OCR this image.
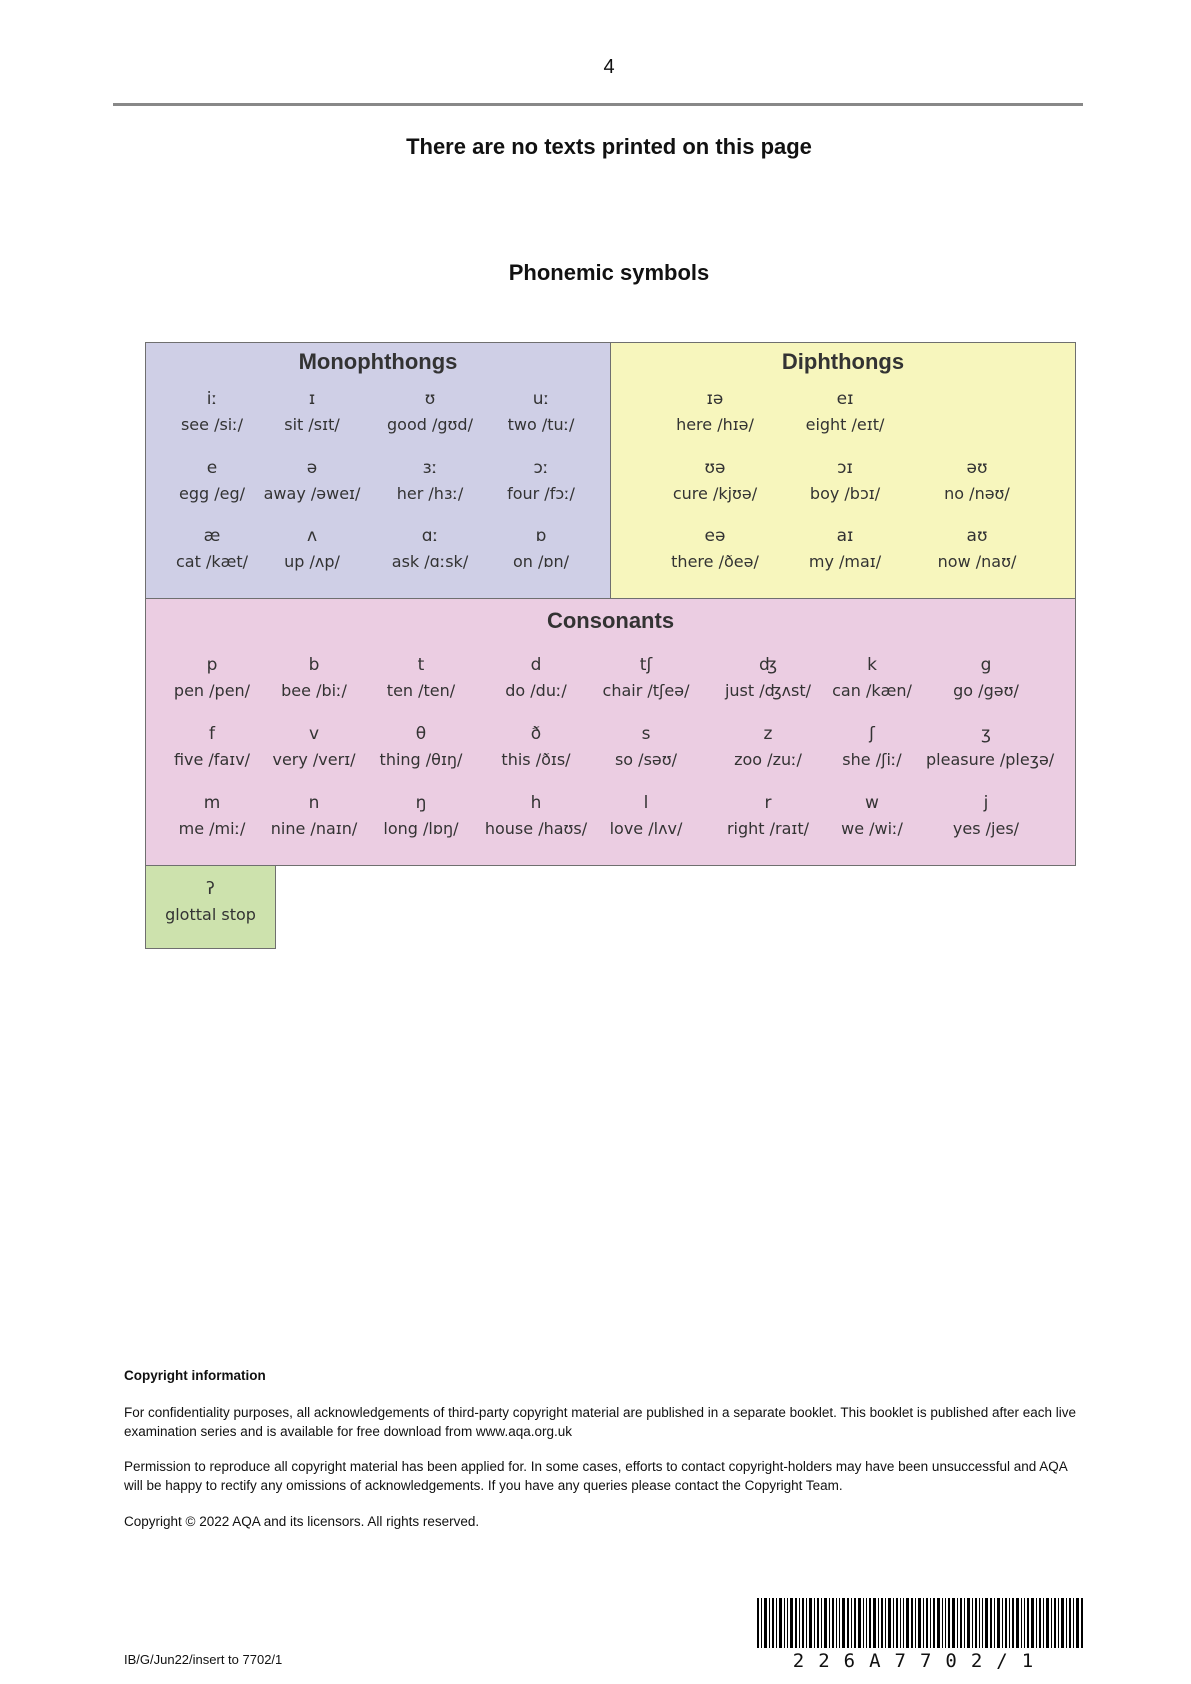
4
There are no texts printed on this page
Phonemic symbols
Monophthongs
iː
see /siː/
ɪ
sit /sɪt/
ʊ
good /gʊd/
uː
two /tuː/
e
egg /eg/
ə
away /əweɪ/
ɜː
her /hɜː/
ɔː
four /fɔː/
æ
cat /kæt/
ʌ
up /ʌp/
ɑː
ask /ɑːsk/
ɒ
on /ɒn/
Diphthongs
ɪə
here /hɪə/
eɪ
eight /eɪt/
ʊə
cure /kjʊə/
ɔɪ
boy /bɔɪ/
əʊ
no /nəʊ/
eə
there /ðeə/
aɪ
my /maɪ/
aʊ
now /naʊ/
Consonants
p
pen /pen/
b
bee /biː/
t
ten /ten/
d
do /duː/
tʃ
chair /tʃeə/
ʤ
just /ʤʌst/
k
can /kæn/
g
go /gəʊ/
f
five /faɪv/
v
very /verɪ/
θ
thing /θɪŋ/
ð
this /ðɪs/
s
so /səʊ/
z
zoo /zuː/
ʃ
she /ʃiː/
ʒ
pleasure /pleʒə/
m
me /miː/
n
nine /naɪn/
ŋ
long /lɒŋ/
h
house /haʊs/
l
love /lʌv/
r
right /raɪt/
w
we /wiː/
j
yes /jes/
ʔ
glottal stop
Copyright information
For confidentiality purposes, all acknowledgements of third-party copyright material are published in a separate booklet. This booklet is published after each live examination series and is available for free download from www.aqa.org.uk
Permission to reproduce all copyright material has been applied for. In some cases, efforts to contact copyright-holders may have been unsuccessful and AQA will be happy to rectify any omissions of acknowledgements. If you have any queries please contact the Copyright Team.
Copyright © 2022 AQA and its licensors. All rights reserved.
IB/G/Jun22/insert to 7702/1	226A7702/1
